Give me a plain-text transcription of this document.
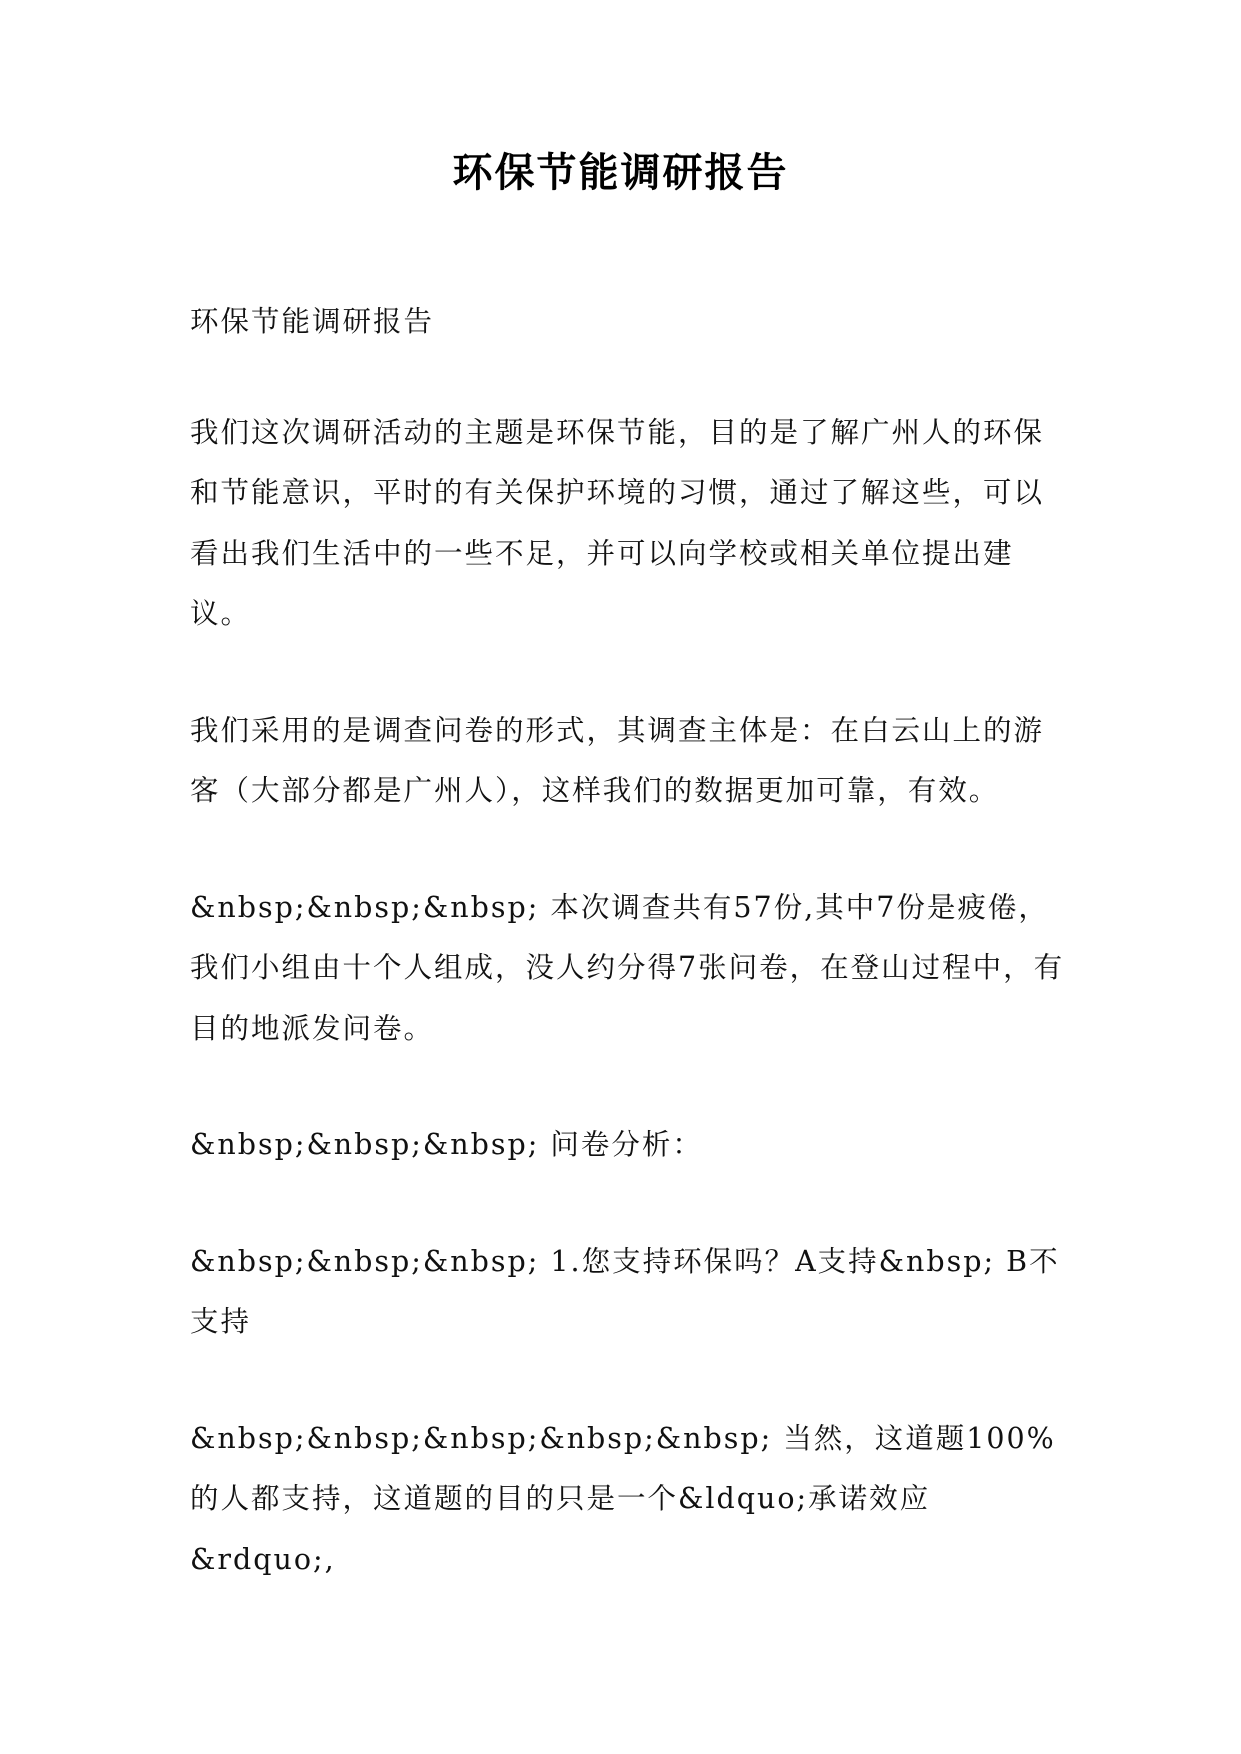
环保节能调研报告

环保节能调研报告

我们这次调研活动的主题是环保节能，目的是了解广州人的环保和节能意识，平时的有关保护环境的习惯，通过了解这些，可以看出我们生活中的一些不足，并可以向学校或相关单位提出建议。

我们采用的是调查问卷的形式，其调查主体是：在白云山上的游客（大部分都是广州人），这样我们的数据更加可靠，有效。

&nbsp;&nbsp;&nbsp; 本次调查共有57份,其中7份是疲倦，我们小组由十个人组成，没人约分得7张问卷，在登山过程中，有目的地派发问卷。

&nbsp;&nbsp;&nbsp; 问卷分析：

&nbsp;&nbsp;&nbsp; 1.您支持环保吗？A支持&nbsp; B不支持

&nbsp;&nbsp;&nbsp;&nbsp;&nbsp; 当然，这道题100%的人都支持，这道题的目的只是一个&ldquo;承诺效应&rdquo;,
